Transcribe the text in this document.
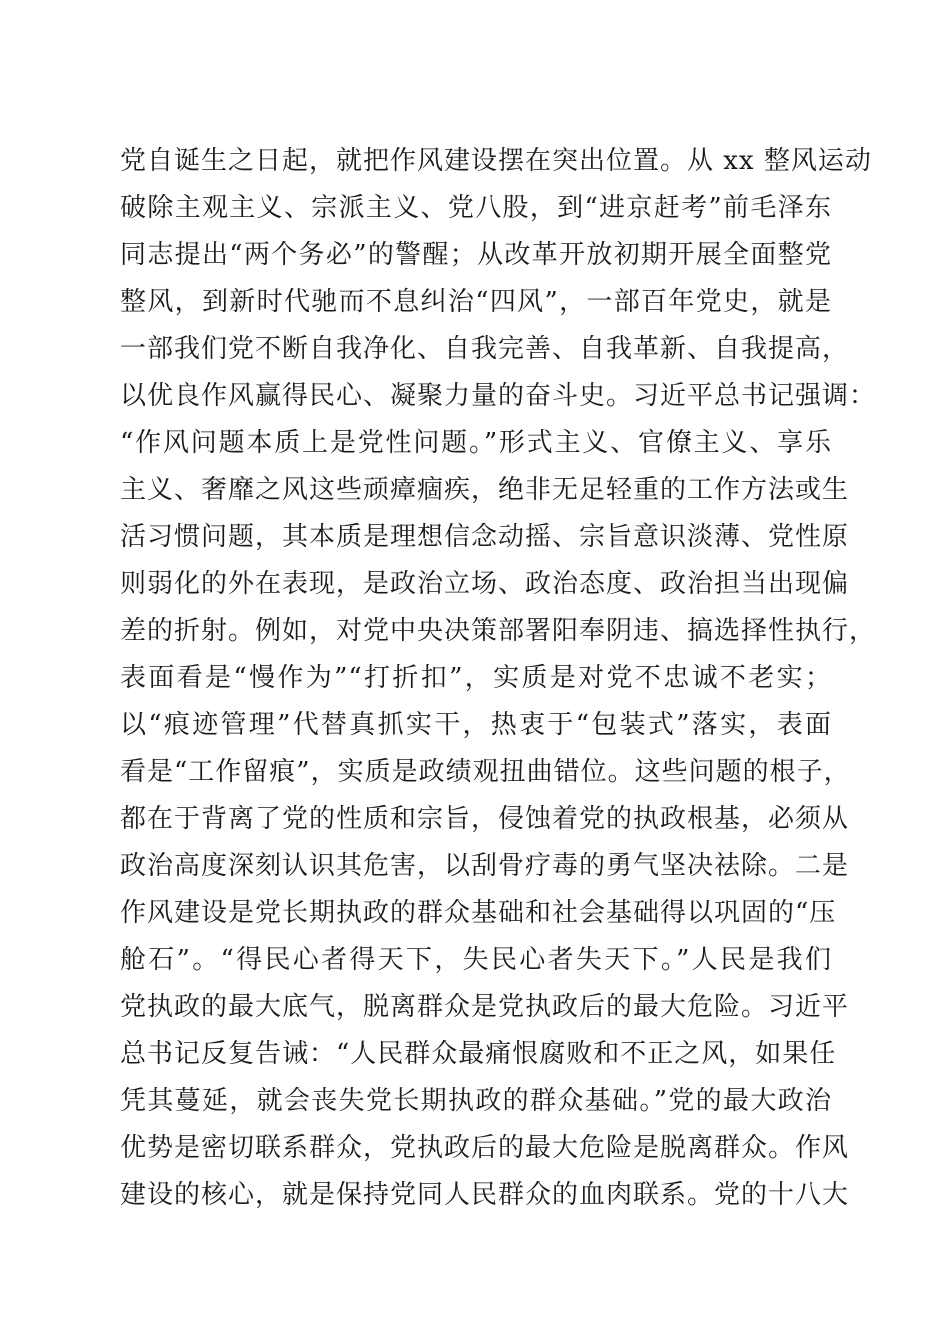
党自诞生之日起，就把作风建设摆在突出位置。从 xx 整风运动
破除主观主义、宗派主义、党八股，到“进京赶考”前毛泽东
同志提出“两个务必”的警醒；从改革开放初期开展全面整党
整风，到新时代驰而不息纠治“四风”，一部百年党史，就是
一部我们党不断自我净化、自我完善、自我革新、自我提高，
以优良作风赢得民心、凝聚力量的奋斗史。习近平总书记强调：
“作风问题本质上是党性问题。”形式主义、官僚主义、享乐
主义、奢靡之风这些顽瘴痼疾，绝非无足轻重的工作方法或生
活习惯问题，其本质是理想信念动摇、宗旨意识淡薄、党性原
则弱化的外在表现，是政治立场、政治态度、政治担当出现偏
差的折射。例如，对党中央决策部署阳奉阴违、搞选择性执行，
表面看是“慢作为”“打折扣”，实质是对党不忠诚不老实；
以“痕迹管理”代替真抓实干，热衷于“包装式”落实，表面
看是“工作留痕”，实质是政绩观扭曲错位。这些问题的根子，
都在于背离了党的性质和宗旨，侵蚀着党的执政根基，必须从
政治高度深刻认识其危害，以刮骨疗毒的勇气坚决祛除。二是
作风建设是党长期执政的群众基础和社会基础得以巩固的“压
舱石”。“得民心者得天下，失民心者失天下。”人民是我们
党执政的最大底气，脱离群众是党执政后的最大危险。习近平
总书记反复告诫：“人民群众最痛恨腐败和不正之风，如果任
凭其蔓延，就会丧失党长期执政的群众基础。”党的最大政治
优势是密切联系群众，党执政后的最大危险是脱离群众。作风
建设的核心，就是保持党同人民群众的血肉联系。党的十八大
